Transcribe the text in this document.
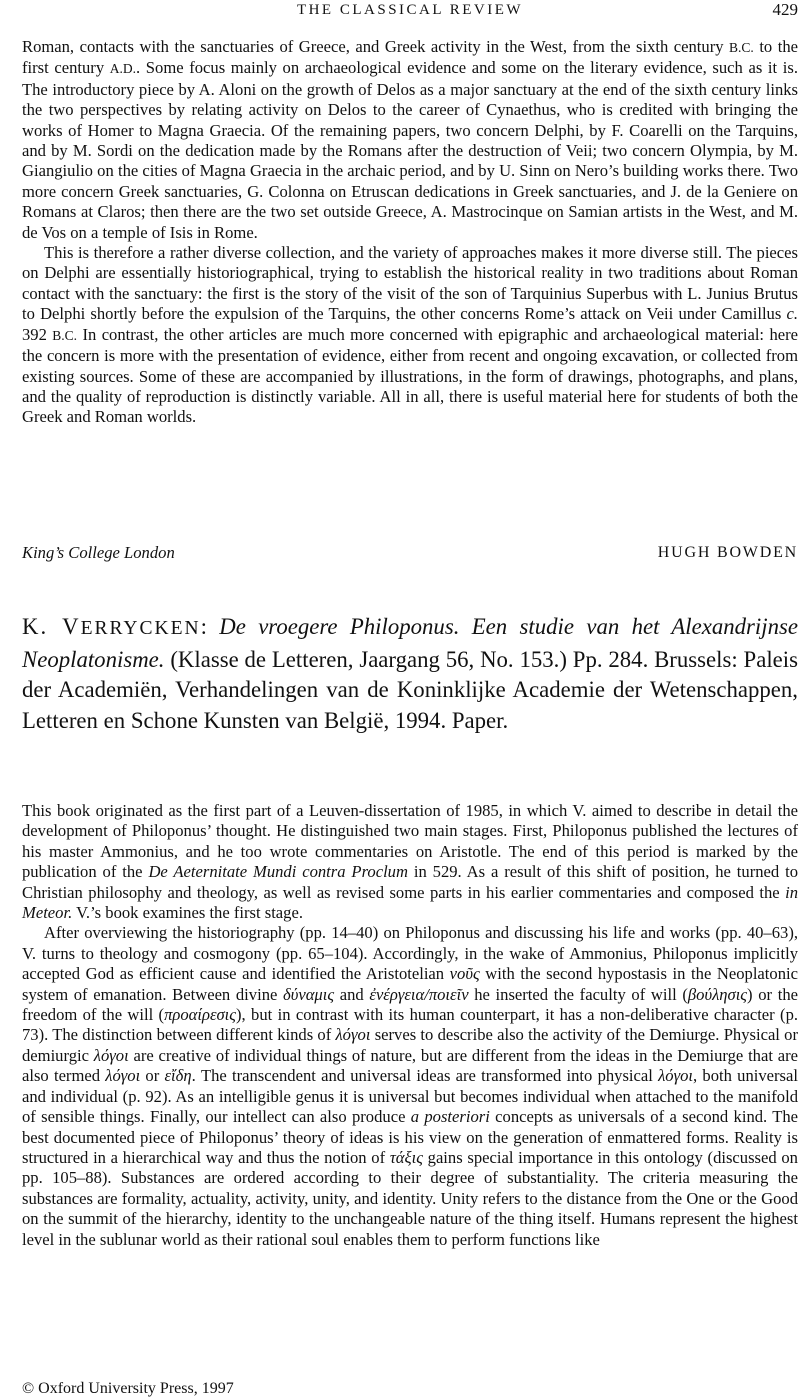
THE CLASSICAL REVIEW	429

Roman, contacts with the sanctuaries of Greece, and Greek activity in the West, from the sixth century B.C. to the first century A.D.. Some focus mainly on archaeological evidence and some on the literary evidence, such as it is. The introductory piece by A. Aloni on the growth of Delos as a major sanctuary at the end of the sixth century links the two perspectives by relating activity on Delos to the career of Cynaethus, who is credited with bringing the works of Homer to Magna Graecia. Of the remaining papers, two concern Delphi, by F. Coarelli on the Tarquins, and by M. Sordi on the dedication made by the Romans after the destruction of Veii; two concern Olympia, by M. Giangiulio on the cities of Magna Graecia in the archaic period, and by U. Sinn on Nero’s building works there. Two more concern Greek sanctuaries, G. Colonna on Etruscan dedications in Greek sanctuaries, and J. de la Geniere on Romans at Claros; then there are the two set outside Greece, A. Mastrocinque on Samian artists in the West, and M. de Vos on a temple of Isis in Rome.

This is therefore a rather diverse collection, and the variety of approaches makes it more diverse still. The pieces on Delphi are essentially historiographical, trying to establish the historical reality in two traditions about Roman contact with the sanctuary: the first is the story of the visit of the son of Tarquinius Superbus with L. Junius Brutus to Delphi shortly before the expulsion of the Tarquins, the other concerns Rome’s attack on Veii under Camillus c. 392 B.C. In contrast, the other articles are much more concerned with epigraphic and archaeological material: here the concern is more with the presentation of evidence, either from recent and ongoing excavation, or collected from existing sources. Some of these are accompanied by illustrations, in the form of drawings, photographs, and plans, and the quality of reproduction is distinctly variable. All in all, there is useful material here for students of both the Greek and Roman worlds.

King’s College London	HUGH BOWDEN
K. VERRYCKEN: De vroegere Philoponus. Een studie van het Alexandrijnse Neoplatonisme. (Klasse de Letteren, Jaargang 56, No. 153.) Pp. 284. Brussels: Paleis der Academiën, Verhandelingen van de Koninklijke Academie der Wetenschappen, Letteren en Schone Kunsten van België, 1994. Paper.

This book originated as the first part of a Leuven-dissertation of 1985, in which V. aimed to describe in detail the development of Philoponus’ thought. He distinguished two main stages. First, Philoponus published the lectures of his master Ammonius, and he too wrote commentaries on Aristotle. The end of this period is marked by the publication of the De Aeternitate Mundi contra Proclum in 529. As a result of this shift of position, he turned to Christian philosophy and theology, as well as revised some parts in his earlier commentaries and composed the in Meteor. V.’s book examines the first stage.

After overviewing the historiography (pp. 14–40) on Philoponus and discussing his life and works (pp. 40–63), V. turns to theology and cosmogony (pp. 65–104). Accordingly, in the wake of Ammonius, Philoponus implicitly accepted God as efficient cause and identified the Aristotelian νοῦς with the second hypostasis in the Neoplatonic system of emanation. Between divine δύναμις and ἐνέργεια/ποιεῖν he inserted the faculty of will (βούλησις) or the freedom of the will (προαίρεσις), but in contrast with its human counterpart, it has a non-deliberative character (p. 73). The distinction between different kinds of λόγοι serves to describe also the activity of the Demiurge. Physical or demiurgic λόγοι are creative of individual things of nature, but are different from the ideas in the Demiurge that are also termed λόγοι or εἴδη. The transcendent and universal ideas are transformed into physical λόγοι, both universal and individual (p. 92). As an intelligible genus it is universal but becomes individual when attached to the manifold of sensible things. Finally, our intellect can also produce a posteriori concepts as universals of a second kind. The best documented piece of Philoponus’ theory of ideas is his view on the generation of enmattered forms. Reality is structured in a hierarchical way and thus the notion of τάξις gains special importance in this ontology (discussed on pp. 105–88). Substances are ordered according to their degree of substantiality. The criteria measuring the substances are formality, actuality, activity, unity, and identity. Unity refers to the distance from the One or the Good on the summit of the hierarchy, identity to the unchangeable nature of the thing itself. Humans represent the highest level in the sublunar world as their rational soul enables them to perform functions like

© Oxford University Press, 1997
